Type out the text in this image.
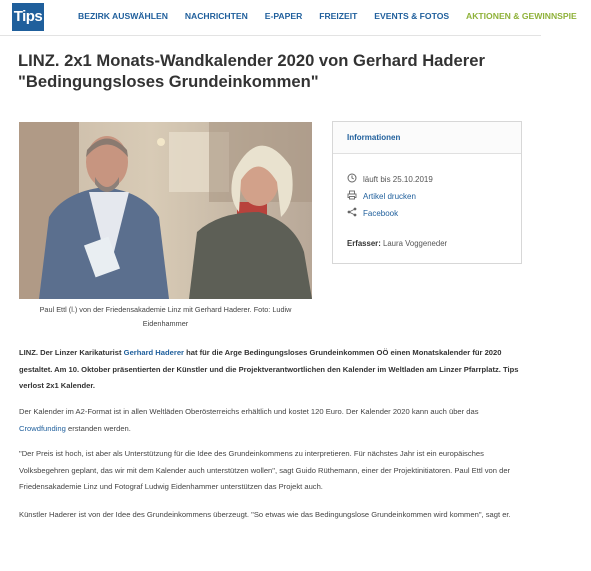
Tips	BEZIRK AUSWÄHLEN NACHRICHTEN E-PAPER FREIZEIT EVENTS & FOTOS AKTIONEN & GEWINNSPIE
LINZ. 2x1 Monats-Wandkalender 2020 von Gerhard Haderer
"Bedingungsloses Grundeinkommen"
Paul Ettl (l.) von der Friedensakademie Linz mit Gerhard Haderer. Foto: Ludiw Eidenhammer
Informationen
läuft bis 25.10.2019
Artikel drucken
Facebook
Erfasser: Laura Voggeneder

LINZ. Der Linzer Karikaturist Gerhard Haderer hat für die Arge Bedingungsloses Grundeinkommen OÖ einen Monatskalender für 2020 gestaltet. Am 10. Oktober präsentierten der Künstler und die Projektverantwortlichen den Kalender im Weltladen am Linzer Pfarrplatz. Tips verlost 2x1 Kalender.

Der Kalender im A2-Format ist in allen Weltläden Oberösterreichs erhältlich und kostet 120 Euro. Der Kalender 2020 kann auch über das Crowdfunding erstanden werden.

"Der Preis ist hoch, ist aber als Unterstützung für die Idee des Grundeinkommens zu interpretieren. Für nächstes Jahr ist ein europäisches Volksbegehren geplant, das wir mit dem Kalender auch unterstützen wollen", sagt Guido Rüthemann, einer der Projektinitiatoren. Paul Ettl von der Friedensakademie Linz und Fotograf Ludwig Eidenhammer unterstützen das Projekt auch.

Künstler Haderer ist von der Idee des Grundeinkommens überzeugt. "So etwas wie das Bedingungslose Grundeinkommen wird kommen", sagt er.
